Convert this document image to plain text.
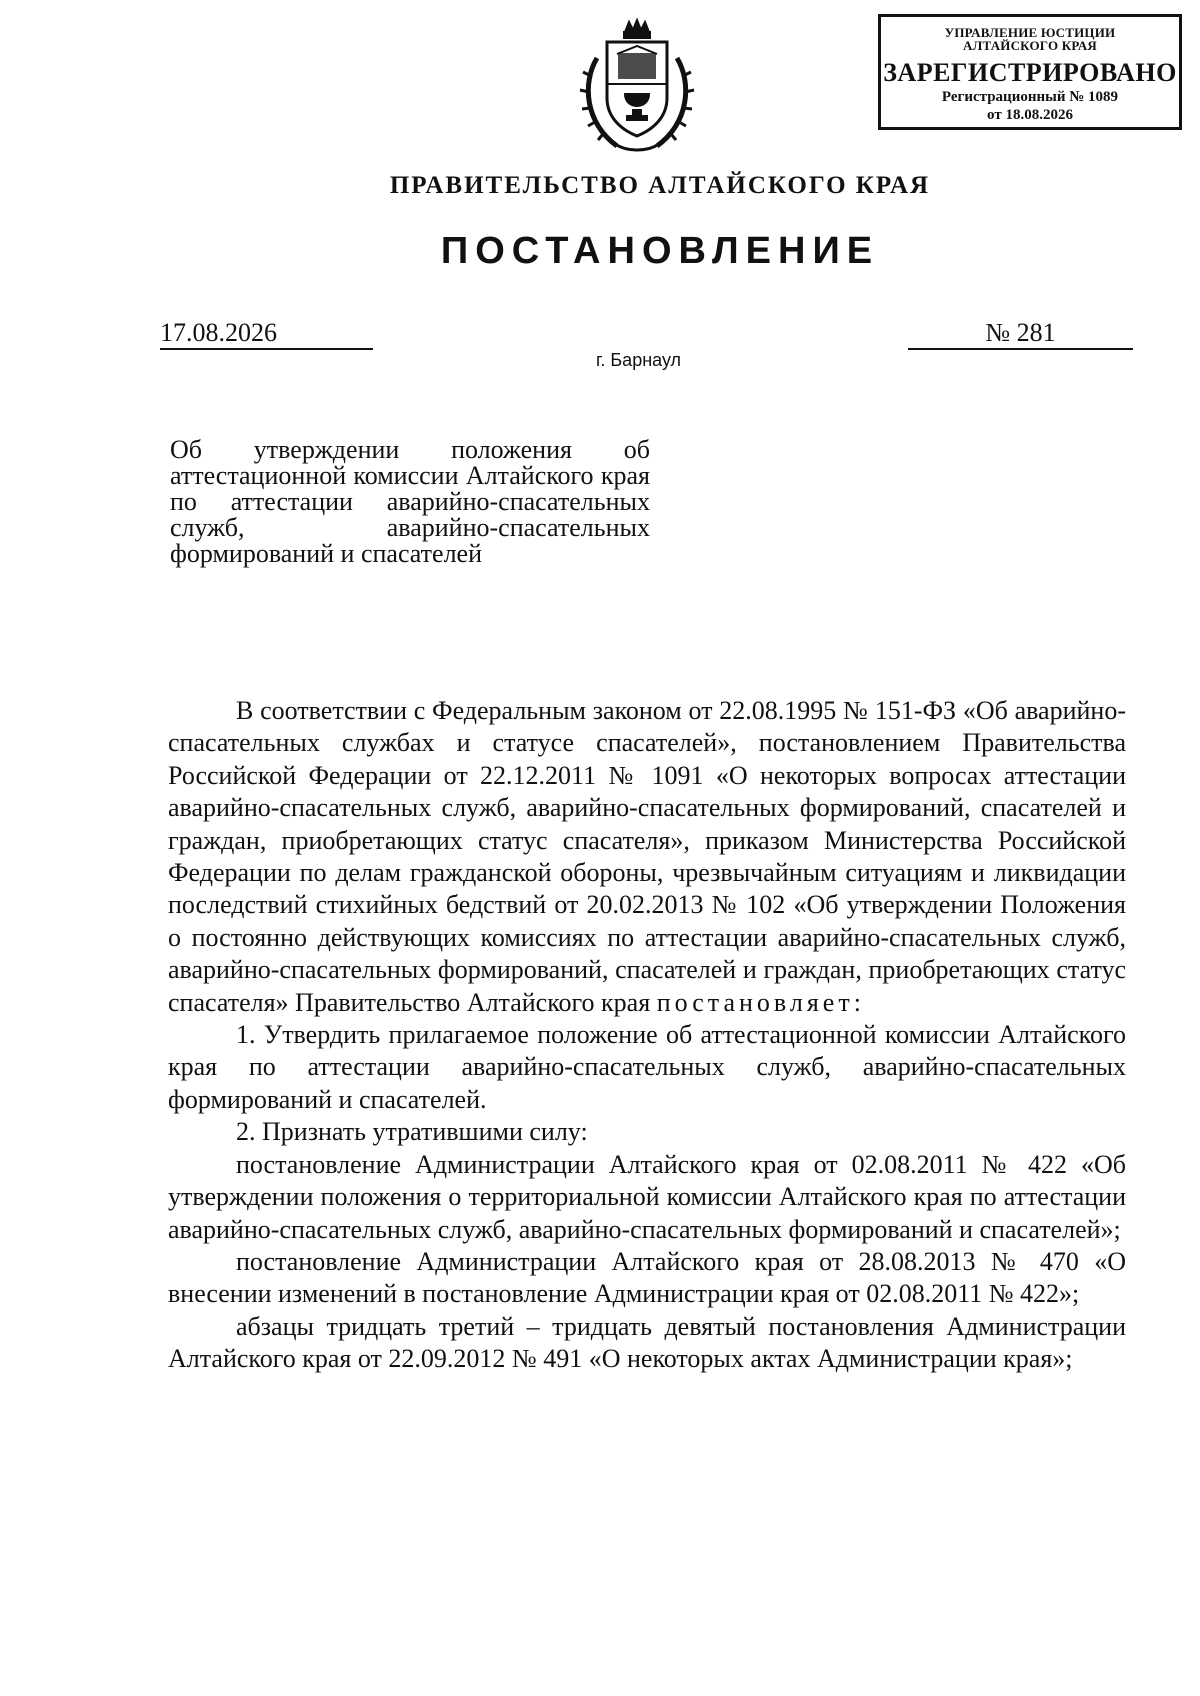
УПРАВЛЕНИЕ ЮСТИЦИИ
АЛТАЙСКОГО КРАЯ
ЗАРЕГИСТРИРОВАНО
Регистрационный № 1089
от 18.08.2026
ПРАВИТЕЛЬСТВО АЛТАЙСКОГО КРАЯ
ПОСТАНОВЛЕНИЕ
17.08.2026	№ 281
г. Барнаул
Об утверждении положения об аттестационной комиссии Алтайского края по аттестации аварийно-спасательных служб, аварийно-спасательных формирований и спасателей

В соответствии с Федеральным законом от 22.08.1995 № 151-ФЗ «Об аварийно-спасательных службах и статусе спасателей», постановлением Правительства Российской Федерации от 22.12.2011 № 1091 «О некоторых вопросах аттестации аварийно-спасательных служб, аварийно-спасательных формирований, спасателей и граждан, приобретающих статус спасателя», приказом Министерства Российской Федерации по делам гражданской обороны, чрезвычайным ситуациям и ликвидации последствий стихийных бедствий от 20.02.2013 № 102 «Об утверждении Положения о постоянно действующих комиссиях по аттестации аварийно-спасательных служб, аварийно-спасательных формирований, спасателей и граждан, приобретающих статус спасателя» Правительство Алтайского края постановляет:

1. Утвердить прилагаемое положение об аттестационной комиссии Алтайского края по аттестации аварийно-спасательных служб, аварийно-спасательных формирований и спасателей.

2. Признать утратившими силу:

постановление Администрации Алтайского края от 02.08.2011 № 422 «Об утверждении положения о территориальной комиссии Алтайского края по аттестации аварийно-спасательных служб, аварийно-спасательных формирований и спасателей»;

постановление Администрации Алтайского края от 28.08.2013 № 470 «О внесении изменений в постановление Администрации края от 02.08.2011 № 422»;

абзацы тридцать третий – тридцать девятый постановления Администрации Алтайского края от 22.09.2012 № 491 «О некоторых актах Администрации края»;
